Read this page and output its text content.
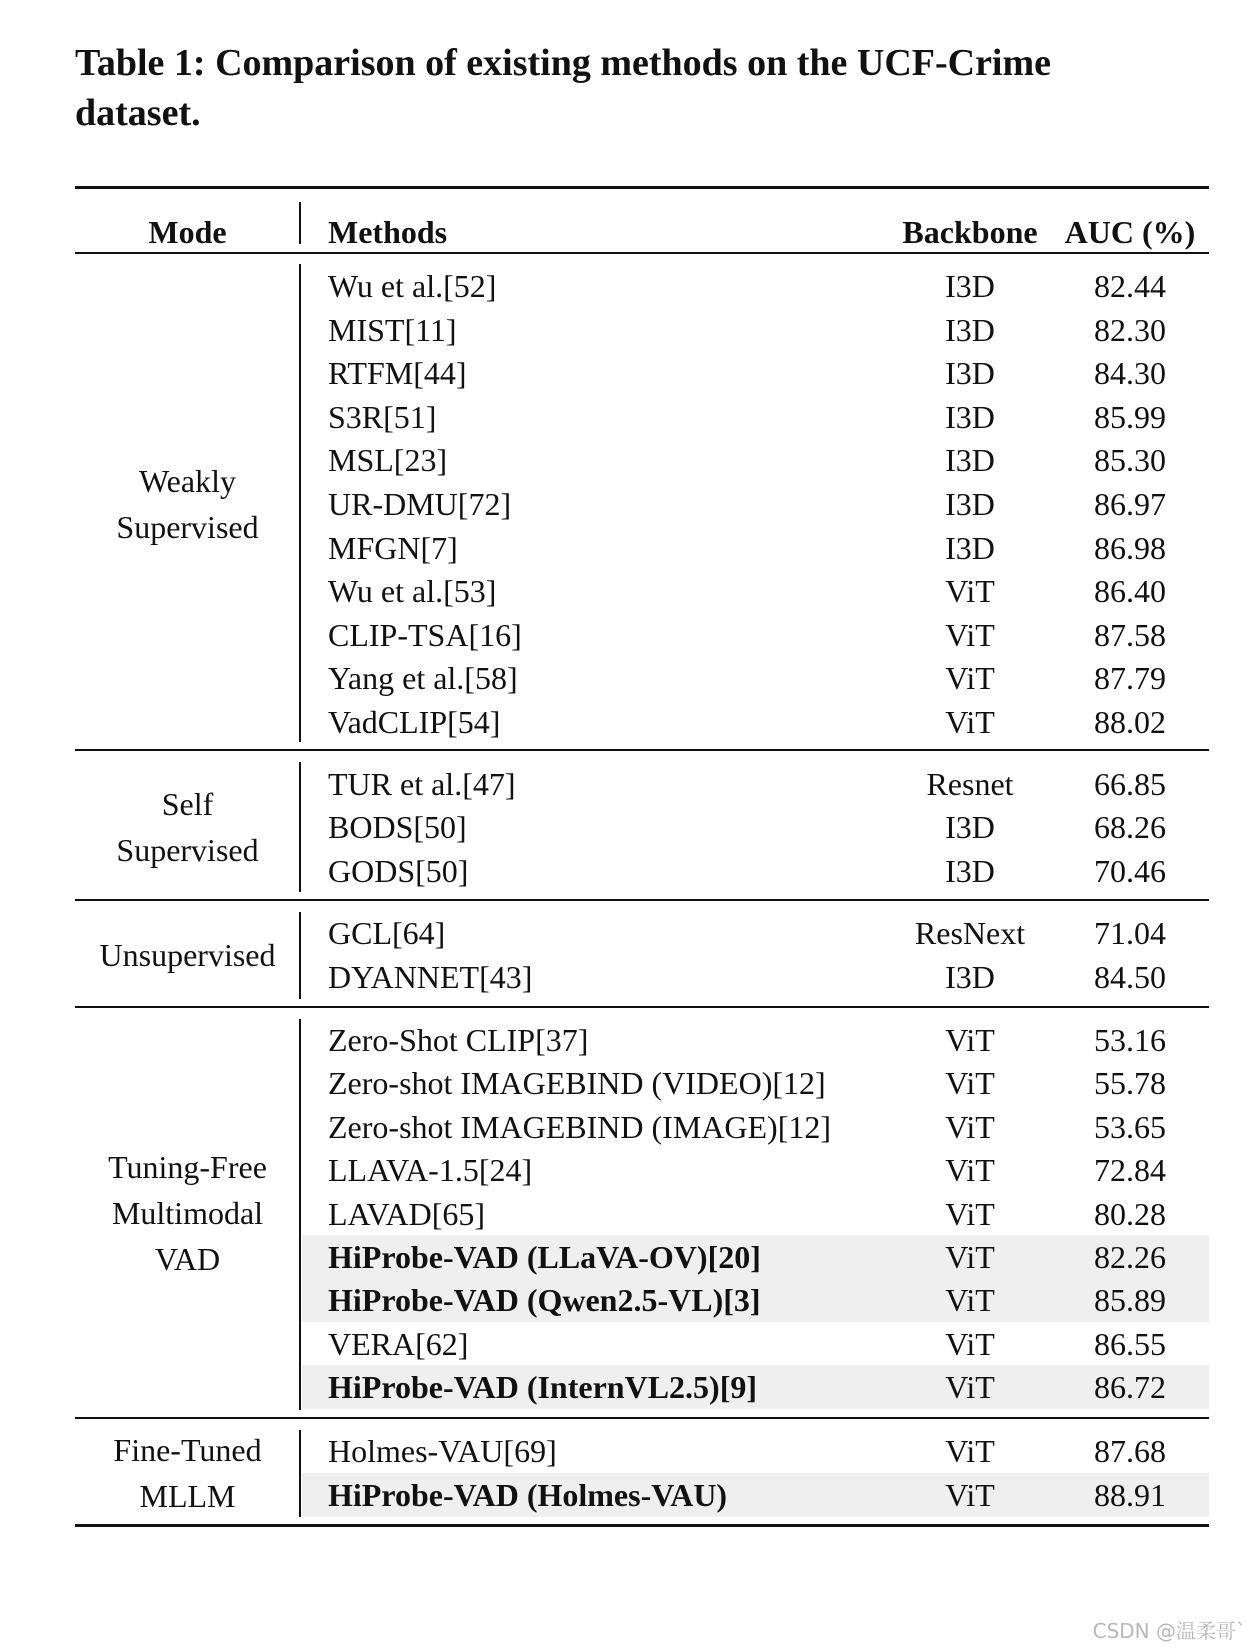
Table 1: Comparison of existing methods on the UCF-Crime
dataset.
Mode	Methods	Backbone AUC (%)
Weakly
Supervised
Wu et al.[52]	I3D	82.44
MIST[11]	I3D	82.30
RTFM[44]	I3D	84.30
S3R[51]	I3D	85.99
MSL[23]	I3D	85.30
UR-DMU[72]	I3D	86.97
MFGN[7]	I3D	86.98
Wu et al.[53]	ViT	86.40
CLIP-TSA[16]	ViT	87.58
Yang et al.[58]	ViT	87.79
VadCLIP[54]	ViT	88.02
Self
Supervised
TUR et al.[47]	Resnet	66.85
BODS[50]	I3D	68.26
GODS[50]	I3D	70.46
Unsupervised
GCL[64]	ResNext	71.04
DYANNET[43]	I3D	84.50
Tuning-Free
Multimodal
VAD
Zero-Shot CLIP[37]	ViT	53.16
Zero-shot IMAGEBIND (VIDEO)[12]	ViT	55.78
Zero-shot IMAGEBIND (IMAGE)[12]	ViT	53.65
LLAVA-1.5[24]	ViT	72.84
LAVAD[65]	ViT	80.28
HiProbe-VAD (LLaVA-OV)[20]	ViT	82.26
HiProbe-VAD (Qwen2.5-VL)[3]	ViT	85.89
VERA[62]	ViT	86.55
HiProbe-VAD (InternVL2.5)[9]	ViT	86.72
Fine-Tuned
MLLM
Holmes-VAU[69]	ViT	87.68
HiProbe-VAD (Holmes-VAU)	ViT	88.91
CSDN @温柔哥`
